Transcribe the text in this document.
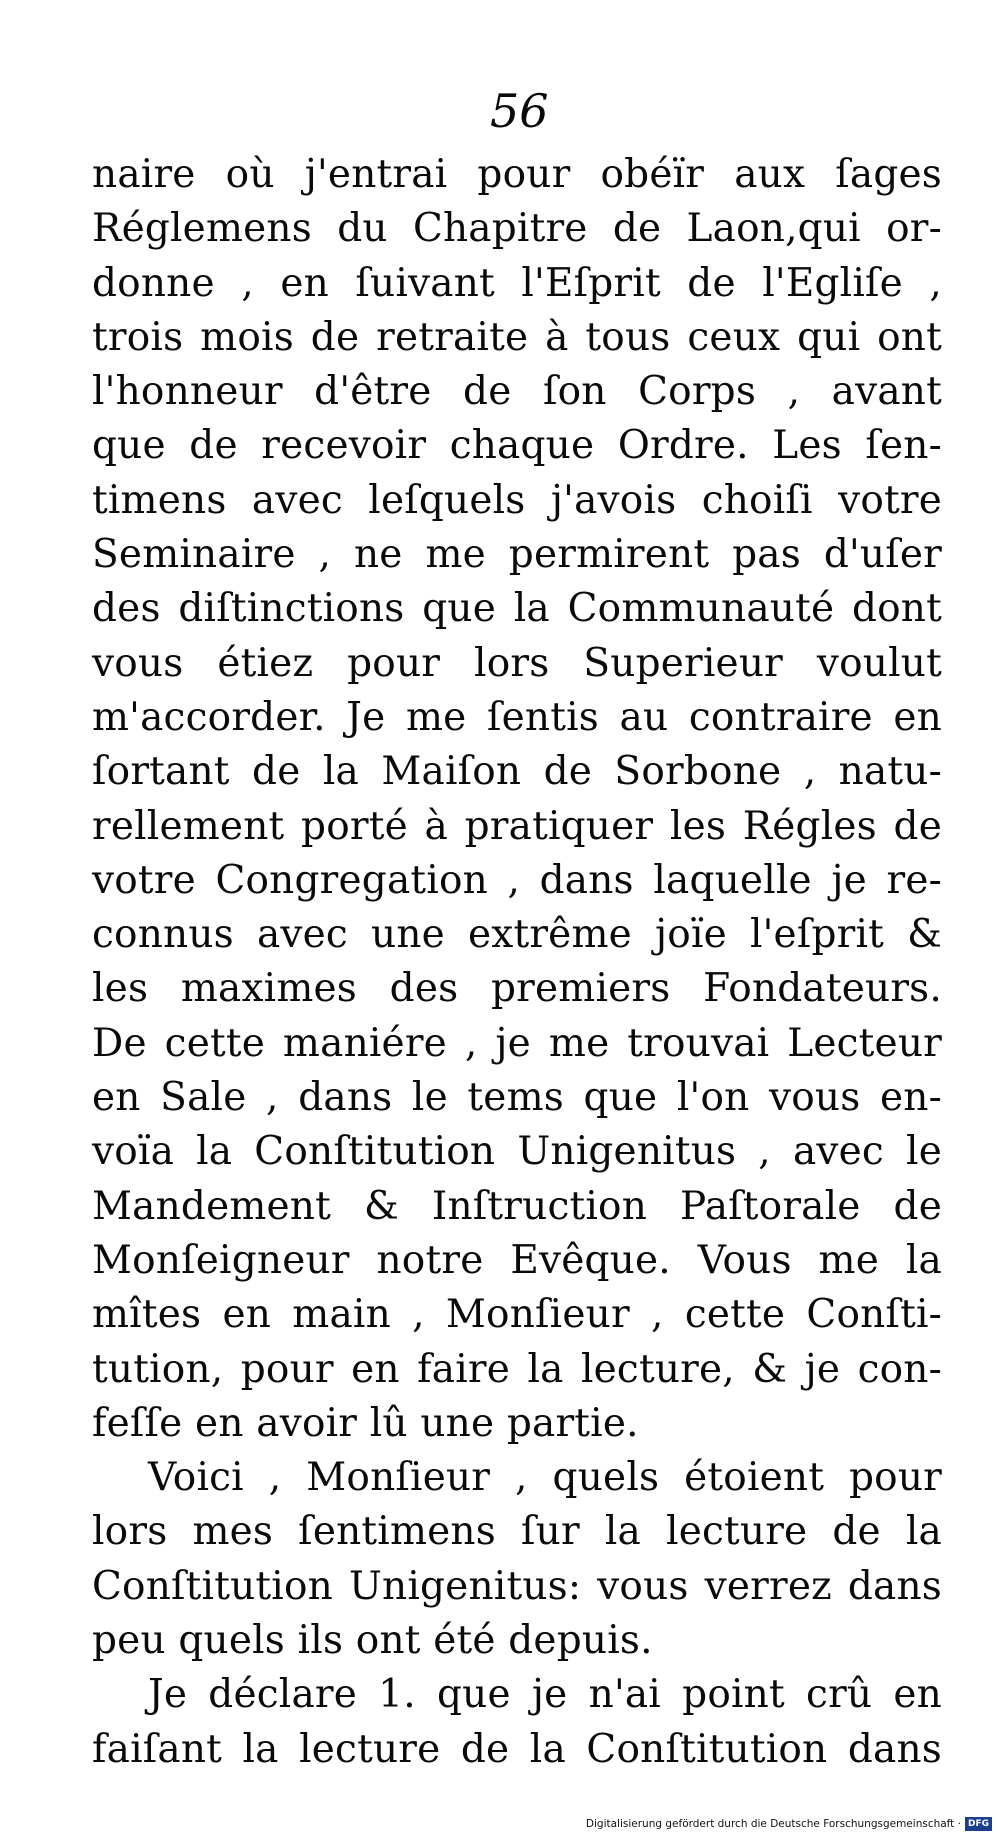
56
naire où j'entrai pour obéïr aux ſages
Réglemens du Chapitre de Laon,qui or-
donne , en ſuivant l'Eſprit de l'Egliſe ,
trois mois de retraite à tous ceux qui ont
l'honneur d'être de ſon Corps , avant
que de recevoir chaque Ordre. Les ſen-
timens avec leſquels j'avois choiſi votre
Seminaire , ne me permirent pas d'uſer
des diſtinctions que la Communauté dont
vous étiez pour lors Superieur voulut
m'accorder. Je me ſentis au contraire en
ſortant de la Maiſon de Sorbone , natu-
rellement porté à pratiquer les Régles de
votre Congregation , dans laquelle je re-
connus avec une extrême joïe l'eſprit &
les maximes des premiers Fondateurs.
De cette maniére , je me trouvai Lecteur
en Sale , dans le tems que l'on vous en-
voïa la Conſtitution Unigenitus , avec le
Mandement & Inſtruction Paſtorale de
Monſeigneur notre Evêque. Vous me la
mîtes en main , Monſieur , cette Conſti-
tution, pour en faire la lecture, & je con-
feſſe en avoir lû une partie.
Voici , Monſieur , quels étoient pour
lors mes ſentimens ſur la lecture de la
Conſtitution Unigenitus: vous verrez dans
peu quels ils ont été depuis.
Je déclare 1. que je n'ai point crû en
faiſant la lecture de la Conſtitution dans
Digitalisierung gefördert durch die Deutsche Forschungsgemeinschaft · DFG
